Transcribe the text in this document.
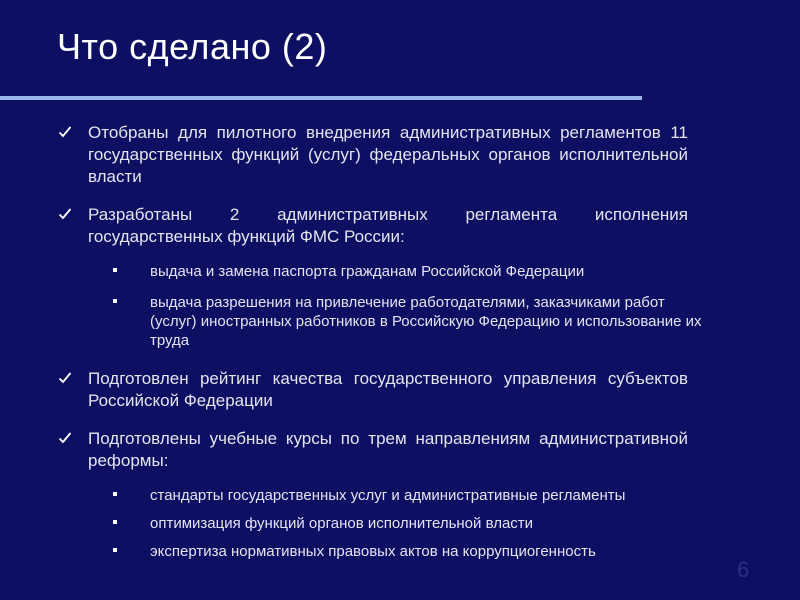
Что сделано (2)
Отобраны для пилотного внедрения административных регламентов 11 государственных функций (услуг) федеральных органов исполнительной власти
Разработаны 2 административных регламента исполнения государственных функций ФМС России:
выдача и замена паспорта гражданам Российской Федерации
выдача разрешения на привлечение работодателями, заказчиками работ (услуг) иностранных работников в Российскую Федерацию и использование их труда
Подготовлен рейтинг качества государственного управления субъектов Российской Федерации
Подготовлены учебные курсы по трем направлениям административной реформы:
стандарты государственных услуг и административные регламенты
оптимизация функций органов исполнительной власти
экспертиза нормативных правовых актов на коррупциогенность
6
